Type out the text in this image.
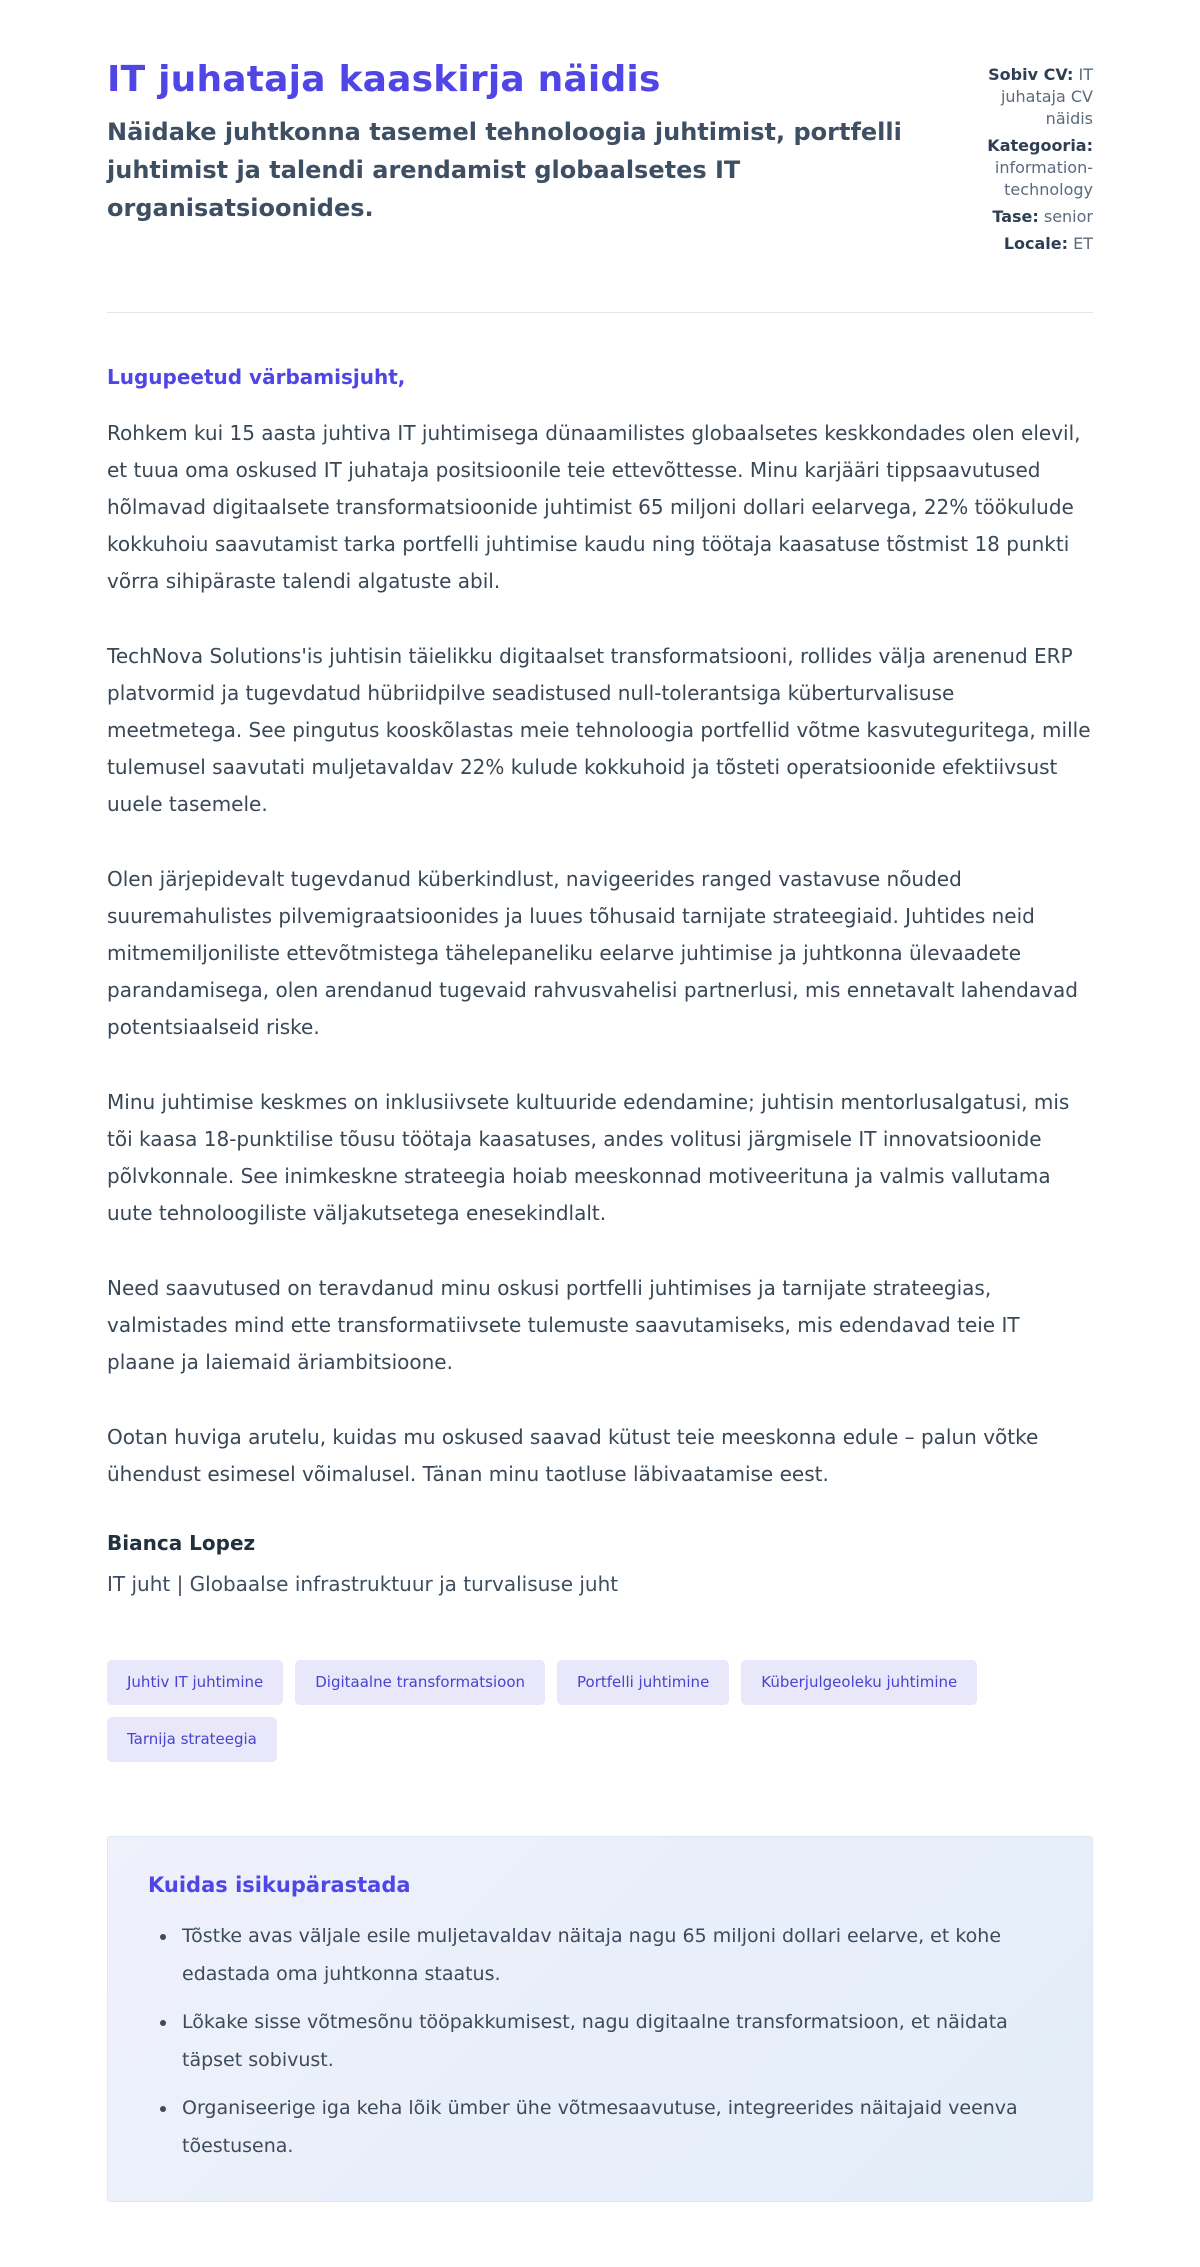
IT juhataja kaaskirja näidis
Näidake juhtkonna tasemel tehnoloogia juhtimist, portfelli juhtimist ja talendi arendamist globaalsetes IT organisatsioonides.
Sobiv CV: IT juhataja CV näidis
Kategooria: information-technology
Tase: senior
Locale: ET

Lugupeetud värbamisjuht,

Rohkem kui 15 aasta juhtiva IT juhtimisega dünaamilistes globaalsetes keskkondades olen elevil, et tuua oma oskused IT juhataja positsioonile teie ettevõttesse. Minu karjääri tippsaavutused hõlmavad digitaalsete transformatsioonide juhtimist 65 miljoni dollari eelarvega, 22% töökulude kokkuhoiu saavutamist tarka portfelli juhtimise kaudu ning töötaja kaasatuse tõstmist 18 punkti võrra sihipäraste talendi algatuste abil.

TechNova Solutions'is juhtisin täielikku digitaalset transformatsiooni, rollides välja arenenud ERP platvormid ja tugevdatud hübriidpilve seadistused null-tolerantsiga küberturvalisuse meetmetega. See pingutus kooskõlastas meie tehnoloogia portfellid võtme kasvuteguritega, mille tulemusel saavutati muljetavaldav 22% kulude kokkuhoid ja tõsteti operatsioonide efektiivsust uuele tasemele.

Olen järjepidevalt tugevdanud küberkindlust, navigeerides ranged vastavuse nõuded suuremahulistes pilvemigraatsioonides ja luues tõhusaid tarnijate strateegiaid. Juhtides neid mitmemiljoniliste ettevõtmistega tähelepaneliku eelarve juhtimise ja juhtkonna ülevaadete parandamisega, olen arendanud tugevaid rahvusvahelisi partnerlusi, mis ennetavalt lahendavad potentsiaalseid riske.

Minu juhtimise keskmes on inklusiivsete kultuuride edendamine; juhtisin mentorlusalgatusi, mis tõi kaasa 18-punktilise tõusu töötaja kaasatuses, andes volitusi järgmisele IT innovatsioonide põlvkonnale. See inimkeskne strateegia hoiab meeskonnad motiveerituna ja valmis vallutama uute tehnoloogiliste väljakutsetega enesekindlalt.

Need saavutused on teravdanud minu oskusi portfelli juhtimises ja tarnijate strateegias, valmistades mind ette transformatiivsete tulemuste saavutamiseks, mis edendavad teie IT plaane ja laiemaid äriambitsioone.

Ootan huviga arutelu, kuidas mu oskused saavad kütust teie meeskonna edule – palun võtke ühendust esimesel võimalusel. Tänan minu taotluse läbivaatamise eest.

Bianca Lopez
IT juht | Globaalse infrastruktuur ja turvalisuse juht
Juhtiv IT juhtimine	Digitaalne transformatsioon	Portfelli juhtimine	Küberjulgeoleku juhtimine
Tarnija strateegia
Kuidas isikupärastada
• Tõstke avas väljale esile muljetavaldav näitaja nagu 65 miljoni dollari eelarve, et kohe edastada oma juhtkonna staatus.
• Lõkake sisse võtmesõnu tööpakkumisest, nagu digitaalne transformatsioon, et näidata täpset sobivust.
• Organiseerige iga keha lõik ümber ühe võtmesaavutuse, integreerides näitajaid veenva tõestusena.
